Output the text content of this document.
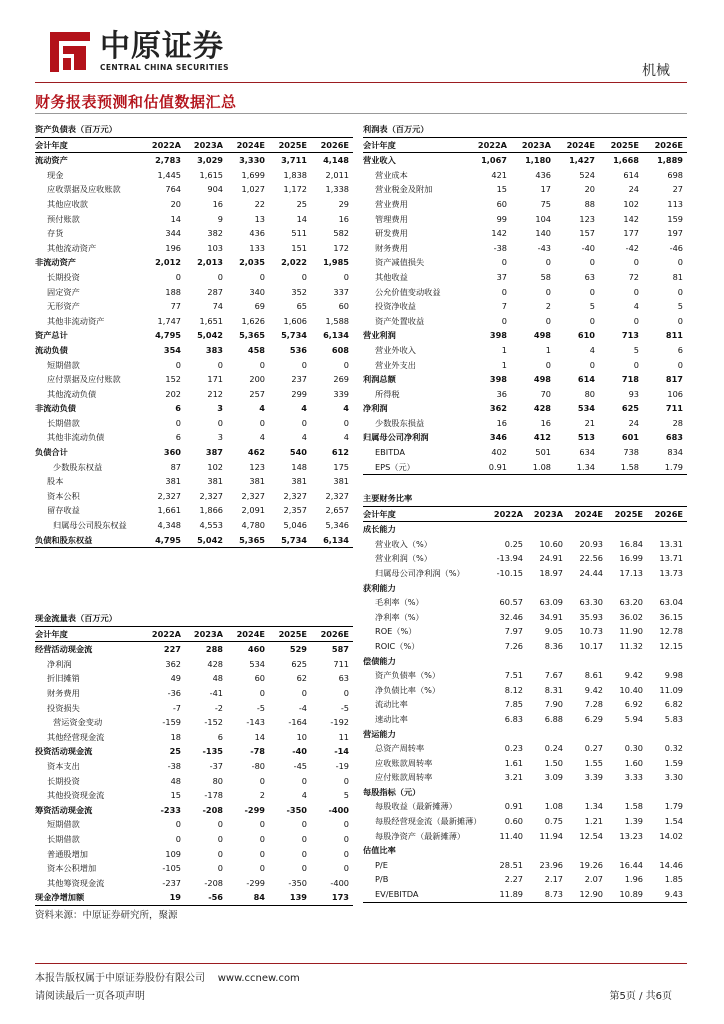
中原证券
CENTRAL CHINA SECURITIES	机械
财务报表预测和估值数据汇总
资产负债表（百万元）					
会计年度	2022A	2023A	2024E	2025E	2026E
流动资产	2,783	3,029	3,330	3,711	4,148
现金	1,445	1,615	1,699	1,838	2,011
应收票据及应收账款	764	904	1,027	1,172	1,338
其他应收款	20	16	22	25	29
预付账款	14	9	13	14	16
存货	344	382	436	511	582
其他流动资产	196	103	133	151	172
非流动资产	2,012	2,013	2,035	2,022	1,985
长期投资	0	0	0	0	0
固定资产	188	287	340	352	337
无形资产	77	74	69	65	60
其他非流动资产	1,747	1,651	1,626	1,606	1,588
资产总计	4,795	5,042	5,365	5,734	6,134
流动负债	354	383	458	536	608
短期借款	0	0	0	0	0
应付票据及应付账款	152	171	200	237	269
其他流动负债	202	212	257	299	339
非流动负债	6	3	4	4	4
长期借款	0	0	0	0	0
其他非流动负债	6	3	4	4	4
负债合计	360	387	462	540	612
少数股东权益	87	102	123	148	175
股本	381	381	381	381	381
资本公积	2,327	2,327	2,327	2,327	2,327
留存收益	1,661	1,866	2,091	2,357	2,657
归属母公司股东权益	4,348	4,553	4,780	5,046	5,346
负债和股东权益	4,795	5,042	5,365	5,734	6,134
现金流量表（百万元）					
会计年度	2022A	2023A	2024E	2025E	2026E
经营活动现金流	227	288	460	529	587
净利润	362	428	534	625	711
折旧摊销	49	48	60	62	63
财务费用	-36	-41	0	0	0
投资损失	-7	-2	-5	-4	-5
营运资金变动	-159	-152	-143	-164	-192
其他经营现金流	18	6	14	10	11
投资活动现金流	25	-135	-78	-40	-14
资本支出	-38	-37	-80	-45	-19
长期投资	48	80	0	0	0
其他投资现金流	15	-178	2	4	5
筹资活动现金流	-233	-208	-299	-350	-400
短期借款	0	0	0	0	0
长期借款	0	0	0	0	0
普通股增加	109	0	0	0	0
资本公积增加	-105	0	0	0	0
其他筹资现金流	-237	-208	-299	-350	-400
现金净增加额	19	-56	84	139	173
利润表（百万元）					
会计年度	2022A	2023A	2024E	2025E	2026E
营业收入	1,067	1,180	1,427	1,668	1,889
营业成本	421	436	524	614	698
营业税金及附加	15	17	20	24	27
营业费用	60	75	88	102	113
管理费用	99	104	123	142	159
研发费用	142	140	157	177	197
财务费用	-38	-43	-40	-42	-46
资产减值损失	0	0	0	0	0
其他收益	37	58	63	72	81
公允价值变动收益	0	0	0	0	0
投资净收益	7	2	5	4	5
资产处置收益	0	0	0	0	0
营业利润	398	498	610	713	811
营业外收入	1	1	4	5	6
营业外支出	1	0	0	0	0
利润总额	398	498	614	718	817
所得税	36	70	80	93	106
净利润	362	428	534	625	711
少数股东损益	16	16	21	24	28
归属母公司净利润	346	412	513	601	683
EBITDA	402	501	634	738	834
EPS（元）	0.91	1.08	1.34	1.58	1.79
主要财务比率					
会计年度	2022A	2023A	2024E	2025E	2026E
成长能力					
营业收入（%）	0.25	10.60	20.93	16.84	13.31
营业利润（%）	-13.94	24.91	22.56	16.99	13.71
归属母公司净利润（%）	-10.15	18.97	24.44	17.13	13.73
获利能力					
毛利率（%）	60.57	63.09	63.30	63.20	63.04
净利率（%）	32.46	34.91	35.93	36.02	36.15
ROE（%）	7.97	9.05	10.73	11.90	12.78
ROIC（%）	7.26	8.36	10.17	11.32	12.15
偿债能力					
资产负债率（%）	7.51	7.67	8.61	9.42	9.98
净负债比率（%）	8.12	8.31	9.42	10.40	11.09
流动比率	7.85	7.90	7.28	6.92	6.82
速动比率	6.83	6.88	6.29	5.94	5.83
营运能力					
总资产周转率	0.23	0.24	0.27	0.30	0.32
应收账款周转率	1.61	1.50	1.55	1.60	1.59
应付账款周转率	3.21	3.09	3.39	3.33	3.30
每股指标（元）					
每股收益（最新摊薄）	0.91	1.08	1.34	1.58	1.79
每股经营现金流（最新摊薄）	0.60	0.75	1.21	1.39	1.54
每股净资产（最新摊薄）	11.40	11.94	12.54	13.23	14.02
估值比率					
P/E	28.51	23.96	19.26	16.44	14.46
P/B	2.27	2.17	2.07	1.96	1.85
EV/EBITDA	11.89	8.73	12.90	10.89	9.43
资料来源：中原证券研究所，聚源
本报告版权属于中原证券股份有限公司 www.ccnew.com
请阅读最后一页各项声明	第5页 / 共6页
